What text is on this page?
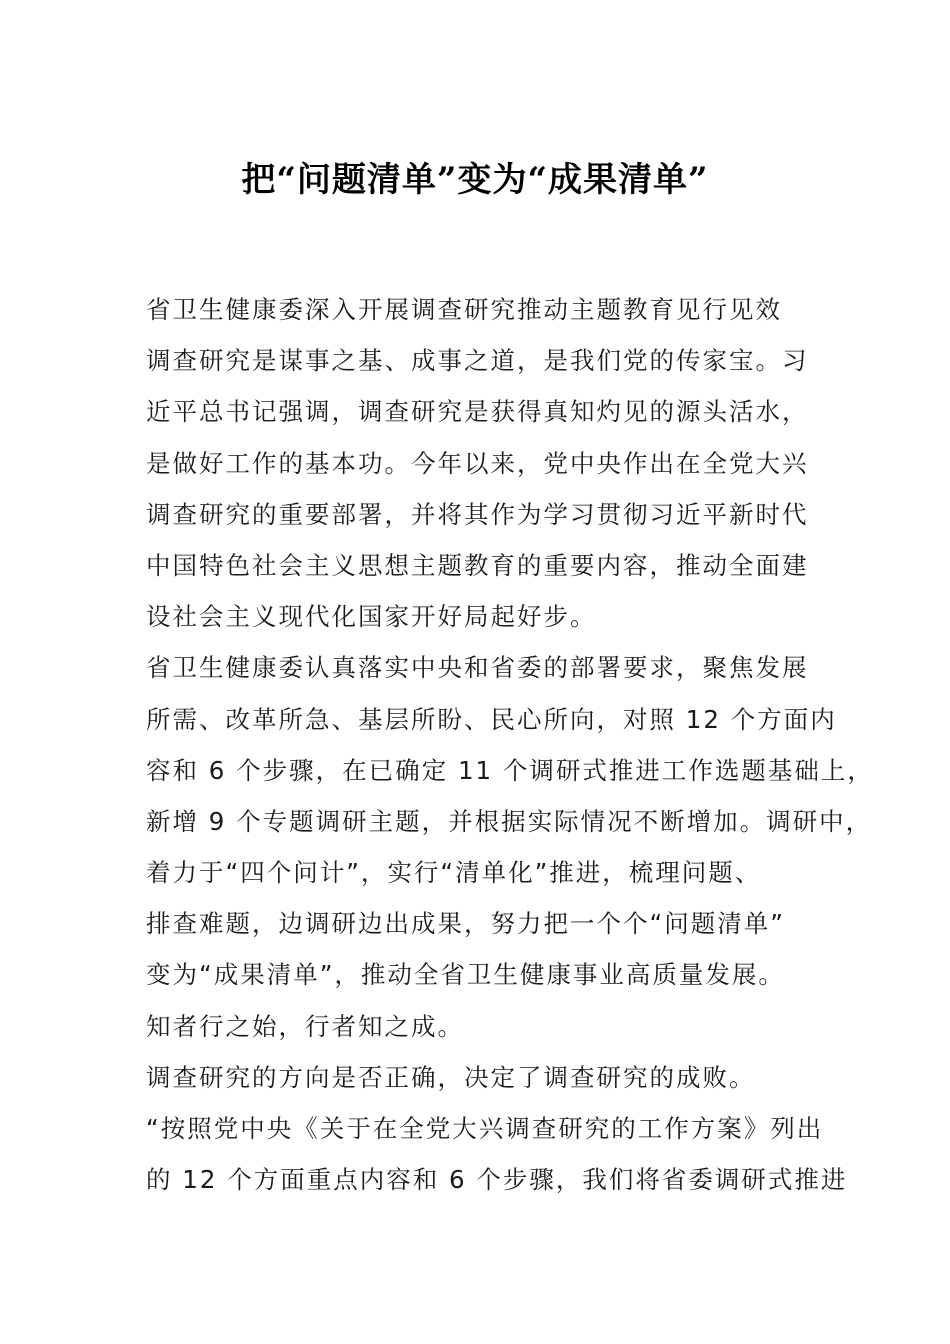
把“问题清单”变为“成果清单”
省卫生健康委深入开展调查研究推动主题教育见行见效
调查研究是谋事之基、成事之道，是我们党的传家宝。习
近平总书记强调，调查研究是获得真知灼见的源头活水，
是做好工作的基本功。今年以来，党中央作出在全党大兴
调查研究的重要部署，并将其作为学习贯彻习近平新时代
中国特色社会主义思想主题教育的重要内容，推动全面建
设社会主义现代化国家开好局起好步。
省卫生健康委认真落实中央和省委的部署要求，聚焦发展
所需、改革所急、基层所盼、民心所向，对照 12 个方面内
容和 6 个步骤，在已确定 11 个调研式推进工作选题基础上，
新增 9 个专题调研主题，并根据实际情况不断增加。调研中，
着力于“四个问计”，实行“清单化”推进，梳理问题、
排查难题，边调研边出成果，努力把一个个“问题清单”
变为“成果清单”，推动全省卫生健康事业高质量发展。
知者行之始，行者知之成。
调查研究的方向是否正确，决定了调查研究的成败。
“按照党中央《关于在全党大兴调查研究的工作方案》列出
的 12 个方面重点内容和 6 个步骤，我们将省委调研式推进
